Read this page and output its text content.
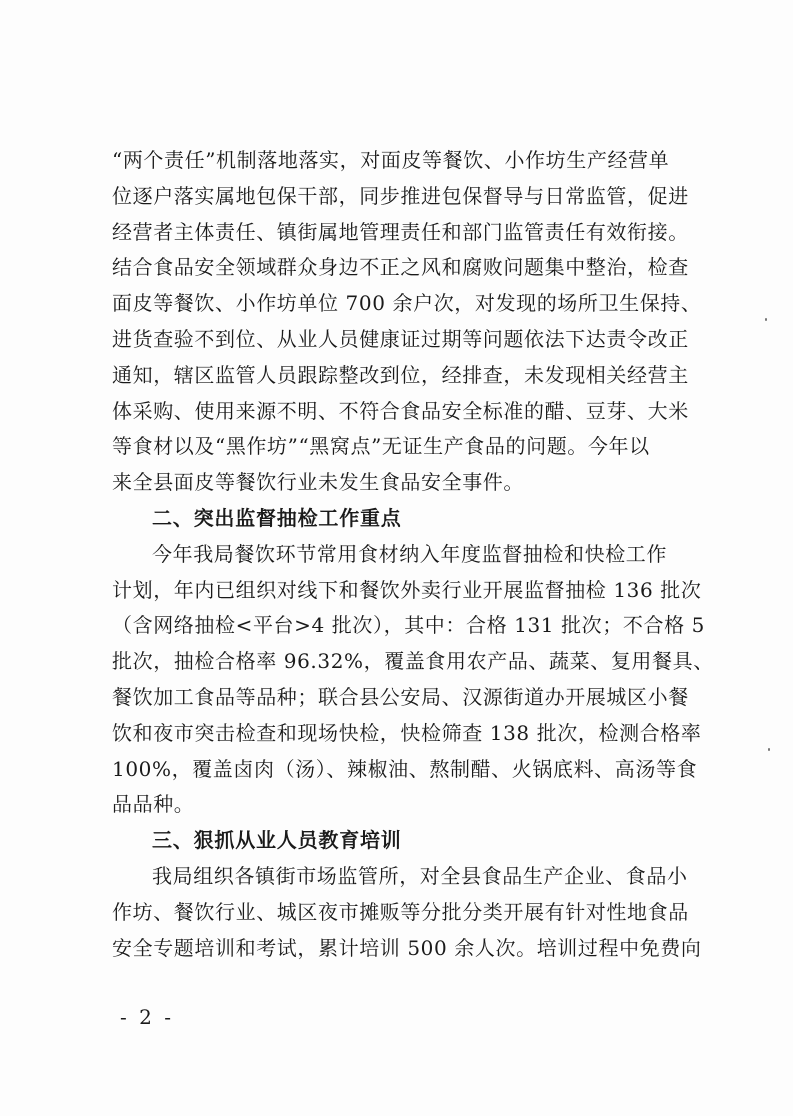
“两个责任”机制落地落实，对面皮等餐饮、小作坊生产经营单
位逐户落实属地包保干部，同步推进包保督导与日常监管，促进
经营者主体责任、镇街属地管理责任和部门监管责任有效衔接。
结合食品安全领域群众身边不正之风和腐败问题集中整治，检查
面皮等餐饮、小作坊单位 700 余户次，对发现的场所卫生保持、
进货查验不到位、从业人员健康证过期等问题依法下达责令改正
通知，辖区监管人员跟踪整改到位，经排查，未发现相关经营主
体采购、使用来源不明、不符合食品安全标准的醋、豆芽、大米
等食材以及“黑作坊”“黑窝点”无证生产食品的问题。今年以
来全县面皮等餐饮行业未发生食品安全事件。
二、突出监督抽检工作重点
今年我局餐饮环节常用食材纳入年度监督抽检和快检工作
计划，年内已组织对线下和餐饮外卖行业开展监督抽检 136 批次
（含网络抽检<平台>4 批次），其中：合格 131 批次；不合格 5
批次，抽检合格率 96.32%，覆盖食用农产品、蔬菜、复用餐具、
餐饮加工食品等品种；联合县公安局、汉源街道办开展城区小餐
饮和夜市突击检查和现场快检，快检筛查 138 批次，检测合格率
100%，覆盖卤肉（汤）、辣椒油、熬制醋、火锅底料、高汤等食
品品种。
三、狠抓从业人员教育培训
我局组织各镇街市场监管所，对全县食品生产企业、食品小
作坊、餐饮行业、城区夜市摊贩等分批分类开展有针对性地食品
安全专题培训和考试，累计培训 500 余人次。培训过程中免费向
- 2 -
